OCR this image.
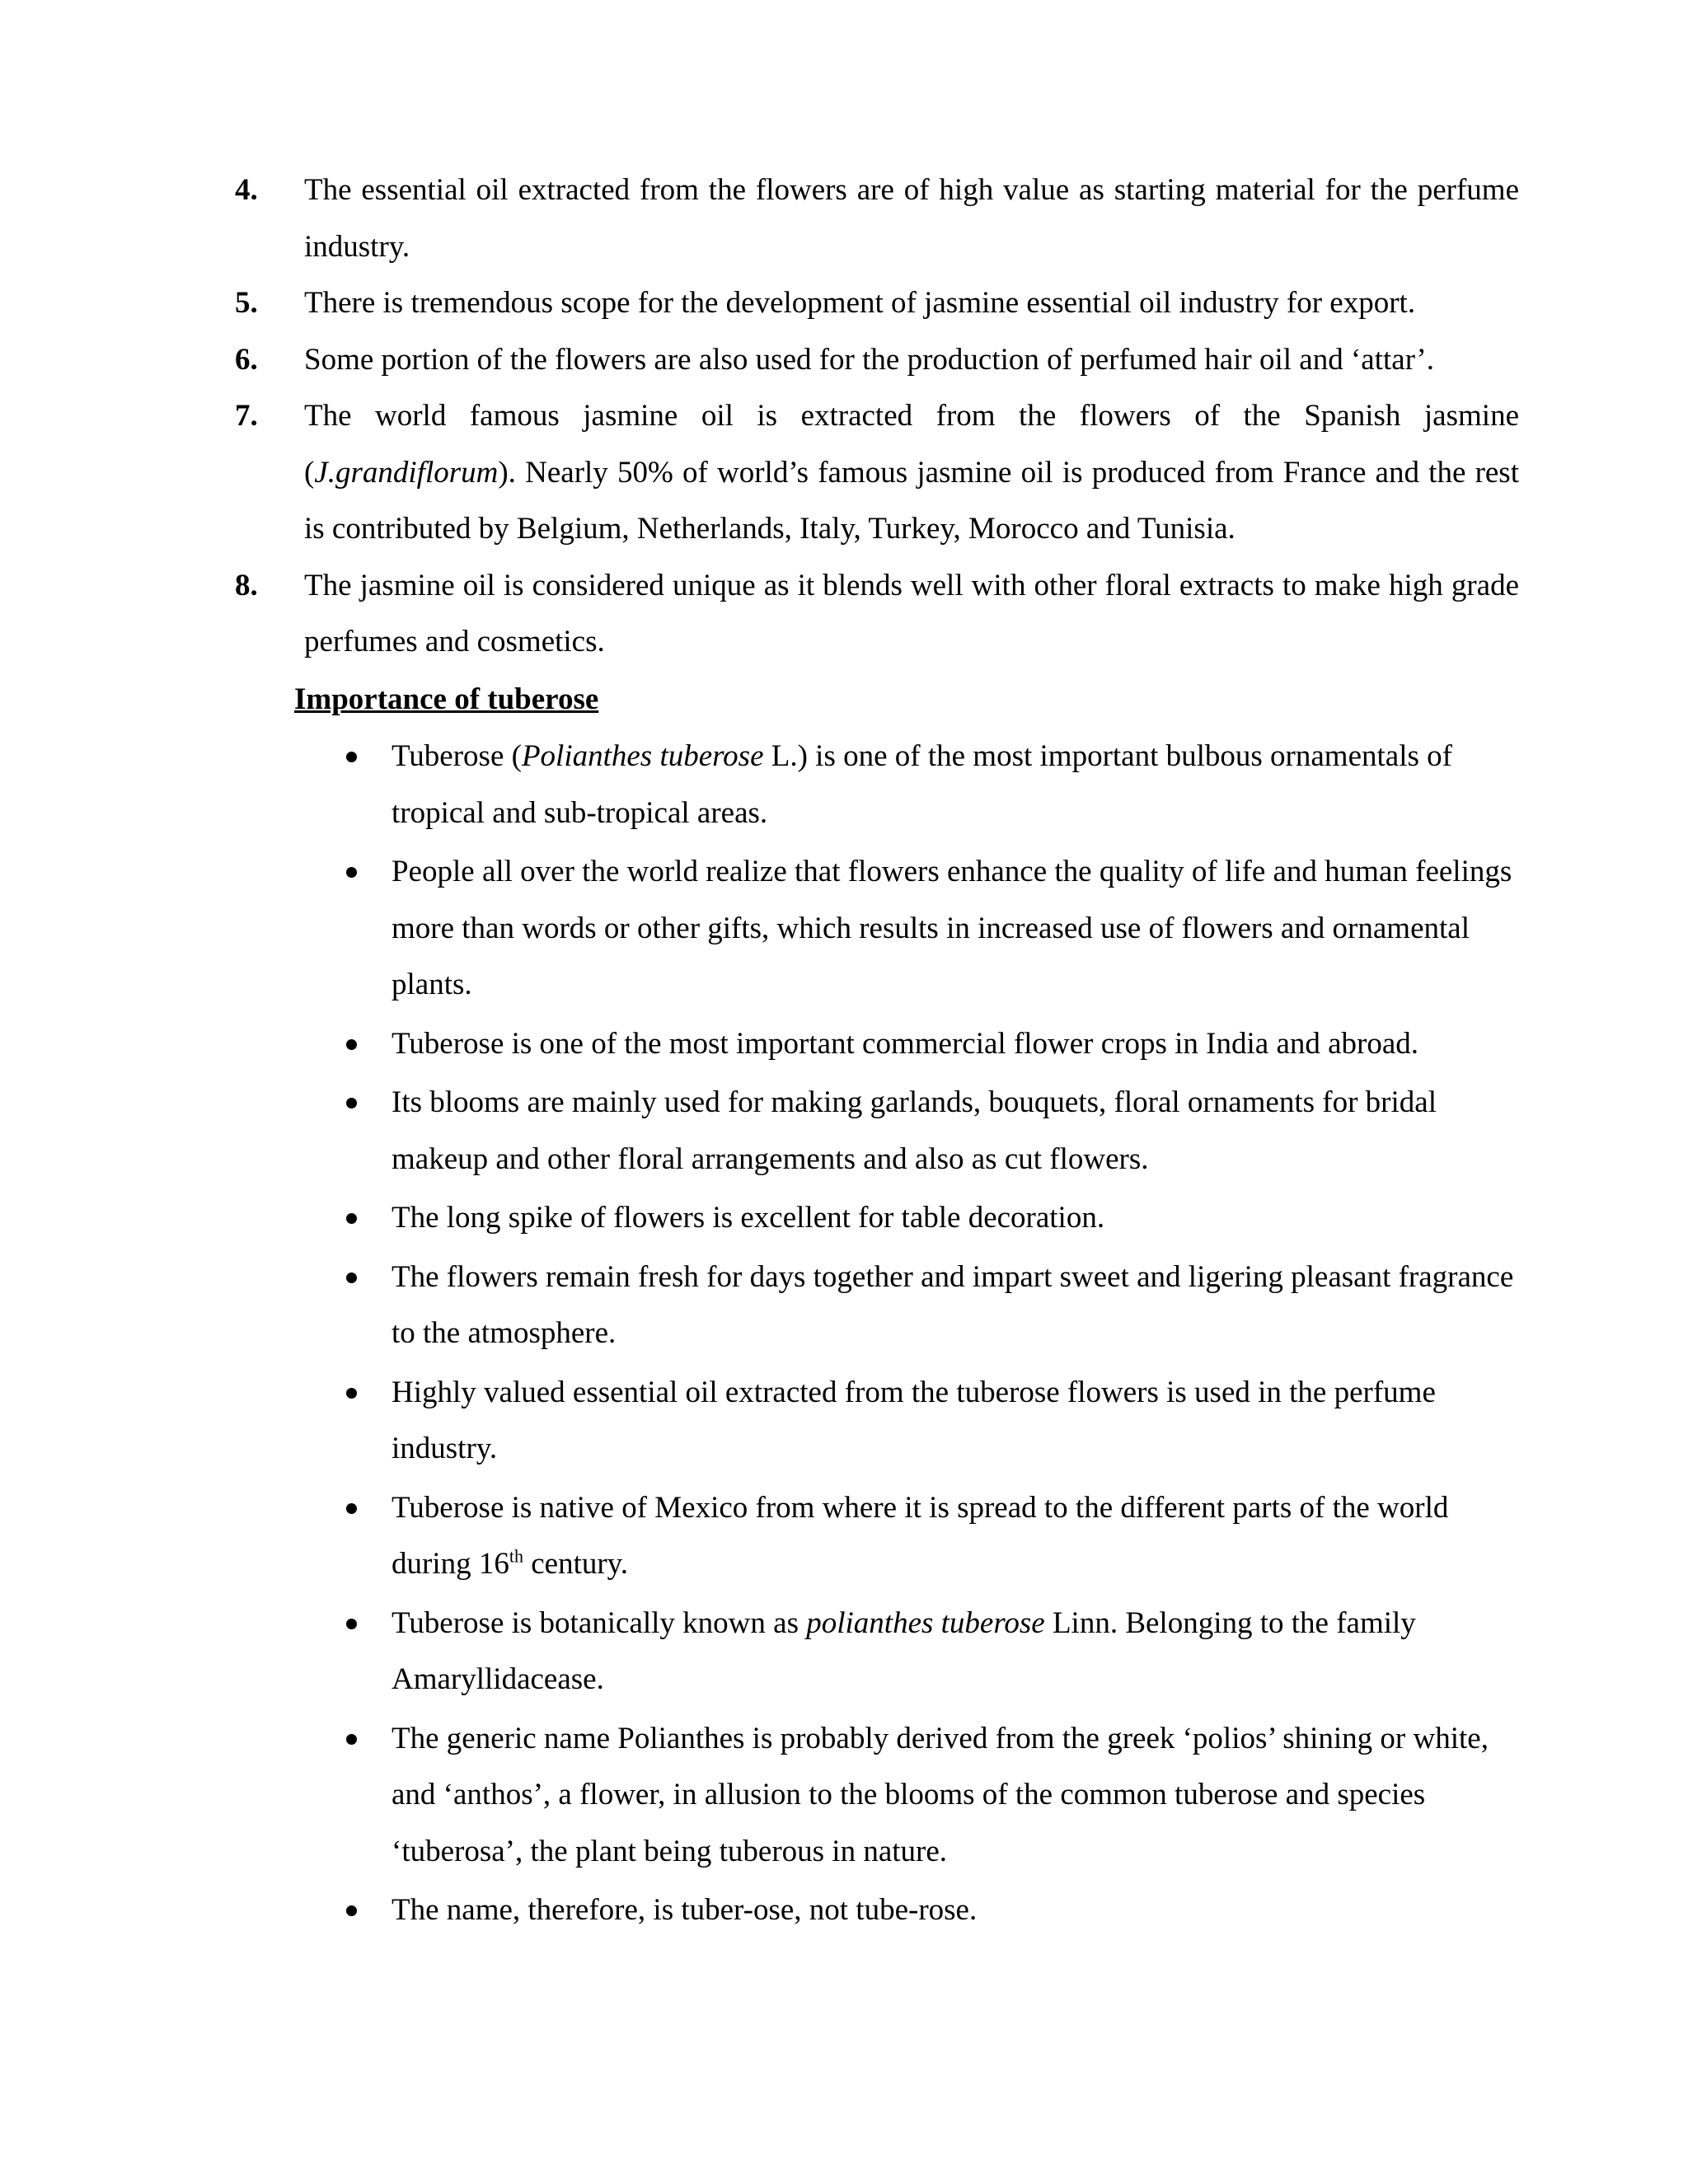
4. The essential oil extracted from the flowers are of high value as starting material for the perfume industry.
5. There is tremendous scope for the development of jasmine essential oil industry for export.
6. Some portion of the flowers are also used for the production of perfumed hair oil and ‘attar’.
7. The world famous jasmine oil is extracted from the flowers of the Spanish jasmine (J.grandiflorum). Nearly 50% of world’s famous jasmine oil is produced from France and the rest is contributed by Belgium, Netherlands, Italy, Turkey, Morocco and Tunisia.
8. The jasmine oil is considered unique as it blends well with other floral extracts to make high grade perfumes and cosmetics.
Importance of tuberose
Tuberose (Polianthes tuberose L.) is one of the most important bulbous ornamentals of tropical and sub-tropical areas.
People all over the world realize that flowers enhance the quality of life and human feelings more than words or other gifts, which results in increased use of flowers and ornamental plants.
Tuberose is one of the most important commercial flower crops in India and abroad.
Its blooms are mainly used for making garlands, bouquets, floral ornaments for bridal makeup and other floral arrangements and also as cut flowers.
The long spike of flowers is excellent for table decoration.
The flowers remain fresh for days together and impart sweet and ligering pleasant fragrance to the atmosphere.
Highly valued essential oil extracted from the tuberose flowers is used in the perfume industry.
Tuberose is native of Mexico from where it is spread to the different parts of the world during 16th century.
Tuberose is botanically known as polianthes tuberose Linn. Belonging to the family Amaryllidacease.
The generic name Polianthes is probably derived from the greek ‘polios’ shining or white, and ‘anthos’, a flower, in allusion to the blooms of the common tuberose and species ‘tuberosa’, the plant being tuberous in nature.
The name, therefore, is tuber-ose, not tube-rose.
